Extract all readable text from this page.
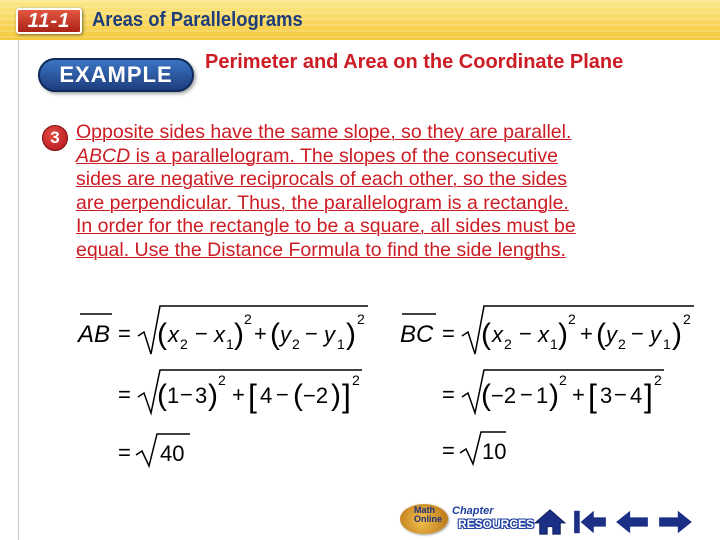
11-1	Areas of Parallelograms
EXAMPLE	Perimeter and Area on the Coordinate Plane
3 Opposite sides have the same slope, so they are parallel.
ABCD is a parallelogram. The slopes of the consecutive
sides are negative reciprocals of each other, so the sides
are perpendicular. Thus, the parallelogram is a rectangle.
In order for the rectangle to be a square, all sides must be
equal. Use the Distance Formula to find the side lengths.
AB = ( x 2 − x 1 ) 2
+ ( y 2 − y 1 ) 2
= ( 1 − 3 ) 2
+ [ 4 − ( −2 ) ] 2
= 40
BC = ( x 2 − x 1 ) 2
+ ( y 2 − y 1 ) 2
= ( −2 − 1 ) 2
+ [ 3 − 4 ] 2
= 10
Math Online
Chapter
RESOURCES
